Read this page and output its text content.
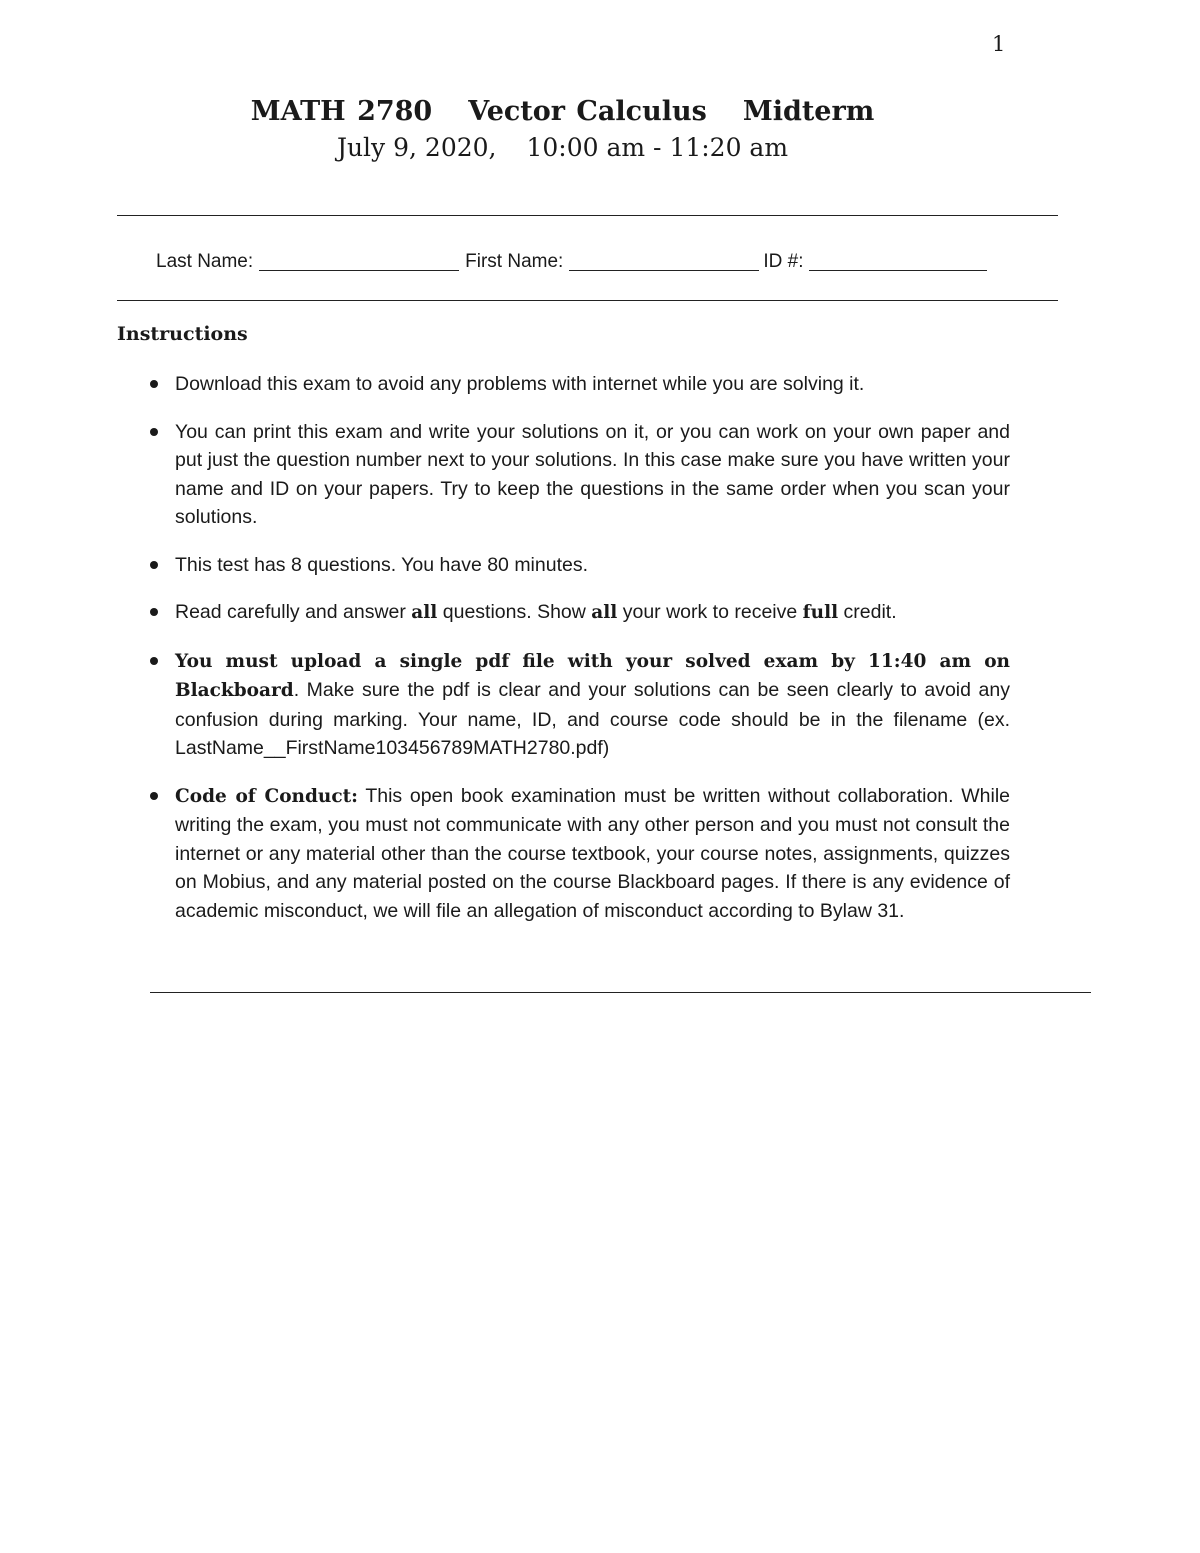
1
MATH 2780 Vector Calculus Midterm
July 9, 2020, 10:00 am - 11:20 am
Last Name:	First Name:	ID #:
Instructions
Download this exam to avoid any problems with internet while you are solving it.
You can print this exam and write your solutions on it, or you can work on your own paper and put just the question number next to your solutions. In this case make sure you have written your name and ID on your papers. Try to keep the questions in the same order when you scan your solutions.
This test has 8 questions. You have 80 minutes.
Read carefully and answer all questions. Show all your work to receive full credit.
You must upload a single pdf file with your solved exam by 11:40 am on Blackboard. Make sure the pdf is clear and your solutions can be seen clearly to avoid any confusion during marking. Your name, ID, and course code should be in the filename (ex. LastName__FirstName103456789MATH2780.pdf)
Code of Conduct: This open book examination must be written without collaboration. While writing the exam, you must not communicate with any other person and you must not consult the internet or any material other than the course textbook, your course notes, assignments, quizzes on Mobius, and any material posted on the course Blackboard pages. If there is any evidence of academic misconduct, we will file an allegation of misconduct according to Bylaw 31.
